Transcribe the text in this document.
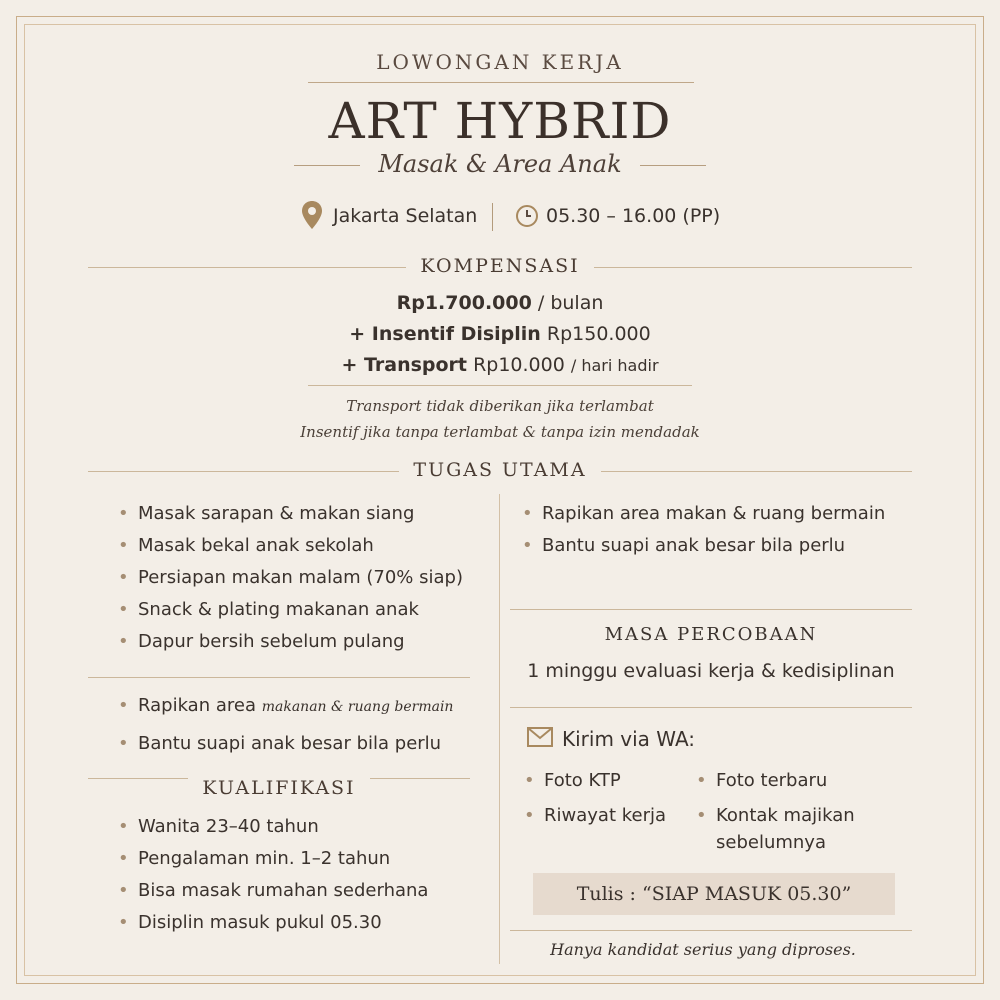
LOWONGAN KERJA
ART HYBRID
Masak & Area Anak
Jakarta Selatan	05.30 – 16.00 (PP)
KOMPENSASI
Rp1.700.000 / bulan
+ Insentif Disiplin Rp150.000
+ Transport Rp10.000 / hari hadir
Transport tidak diberikan jika terlambat
Insentif jika tanpa terlambat & tanpa izin mendadak
TUGAS UTAMA
• Masak sarapan & makan siang
• Masak bekal anak sekolah
• Persiapan makan malam (70% siap)
• Snack & plating makanan anak
• Dapur bersih sebelum pulang
• Rapikan area makanan & ruang bermain
• Bantu suapi anak besar bila perlu
• Rapikan area makan & ruang bermain
• Bantu suapi anak besar bila perlu
MASA PERCOBAAN
1 minggu evaluasi kerja & kedisiplinan
Kirim via WA:
• Foto KTP
• Riwayat kerja
• Foto terbaru
• Kontak majikan
sebelumnya
Tulis : “SIAP MASUK 05.30”
Hanya kandidat serius yang diproses.
KUALIFIKASI
• Wanita 23–40 tahun
• Pengalaman min. 1–2 tahun
• Bisa masak rumahan sederhana
• Disiplin masuk pukul 05.30
